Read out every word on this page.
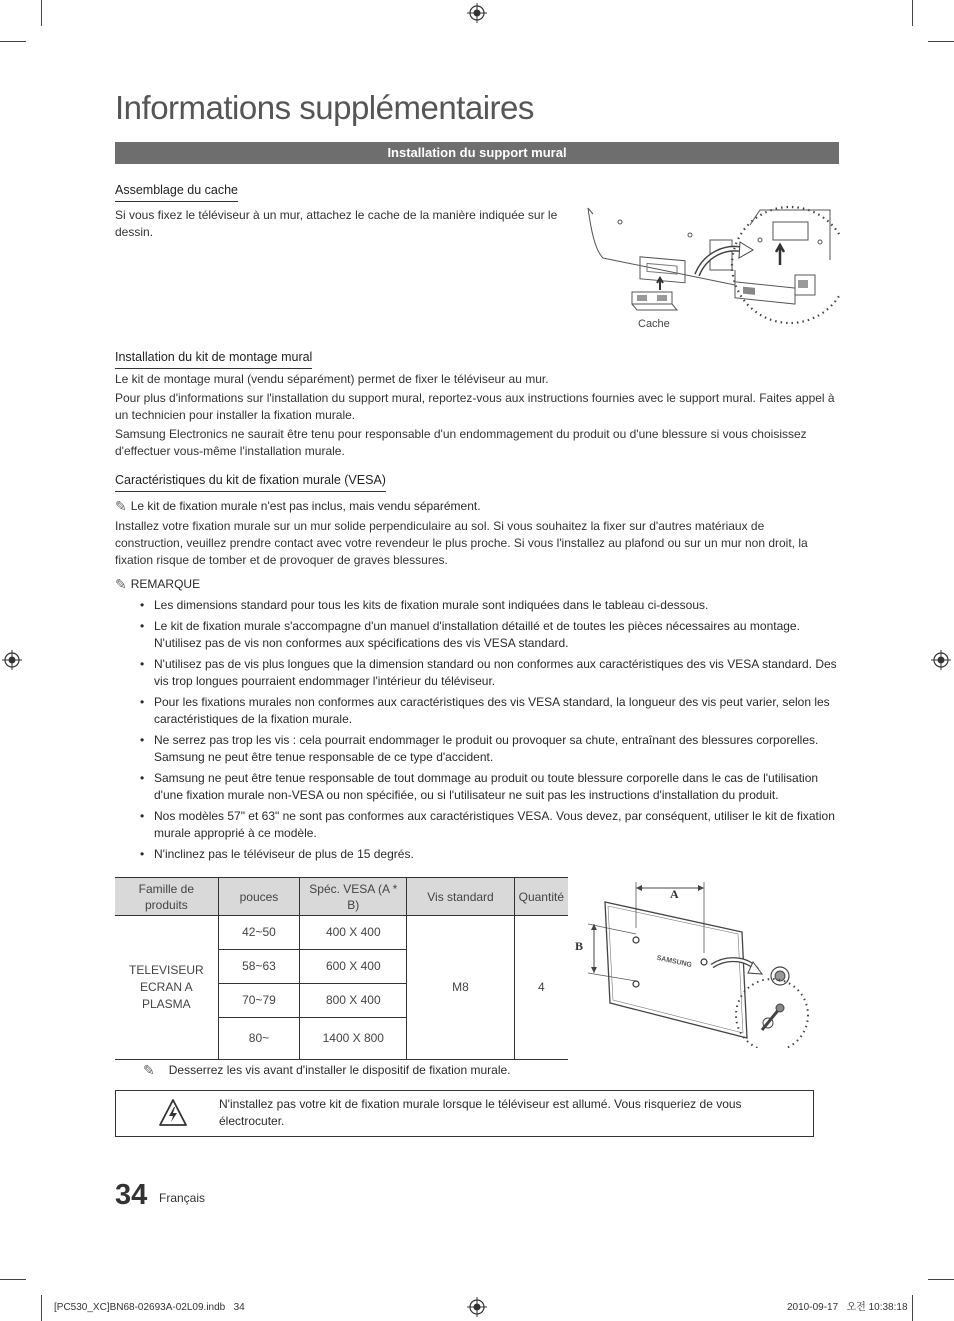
Informations supplémentaires
Installation du support mural
Assemblage du cache
Si vous fixez le téléviseur à un mur, attachez le cache de la manière indiquée sur le dessin.
Cache
Installation du kit de montage mural
Le kit de montage mural (vendu séparément) permet de fixer le téléviseur au mur.
Pour plus d'informations sur l'installation du support mural, reportez-vous aux instructions fournies avec le support mural. Faites appel à un technicien pour installer la fixation murale.
Samsung Electronics ne saurait être tenu pour responsable d'un endommagement du produit ou d'une blessure si vous choisissez d'effectuer vous-même l'installation murale.
Caractéristiques du kit de fixation murale (VESA)
✎ Le kit de fixation murale n'est pas inclus, mais vendu séparément.
Installez votre fixation murale sur un mur solide perpendiculaire au sol. Si vous souhaitez la fixer sur d'autres matériaux de construction, veuillez prendre contact avec votre revendeur le plus proche. Si vous l'installez au plafond ou sur un mur non droit, la fixation risque de tomber et de provoquer de graves blessures.
✎ REMARQUE
• Les dimensions standard pour tous les kits de fixation murale sont indiquées dans le tableau ci-dessous.
• Le kit de fixation murale s'accompagne d'un manuel d'installation détaillé et de toutes les pièces nécessaires au montage. N'utilisez pas de vis non conformes aux spécifications des vis VESA standard.
• N'utilisez pas de vis plus longues que la dimension standard ou non conformes aux caractéristiques des vis VESA standard. Des vis trop longues pourraient endommager l'intérieur du téléviseur.
• Pour les fixations murales non conformes aux caractéristiques des vis VESA standard, la longueur des vis peut varier, selon les caractéristiques de la fixation murale.
• Ne serrez pas trop les vis : cela pourrait endommager le produit ou provoquer sa chute, entraînant des blessures corporelles. Samsung ne peut être tenue responsable de ce type d'accident.
• Samsung ne peut être tenue responsable de tout dommage au produit ou toute blessure corporelle dans le cas de l'utilisation d'une fixation murale non-VESA ou non spécifiée, ou si l'utilisateur ne suit pas les instructions d'installation du produit.
• Nos modèles 57" et 63" ne sont pas conformes aux caractéristiques VESA. Vous devez, par conséquent, utiliser le kit de fixation murale approprié à ce modèle.
• N'inclinez pas le téléviseur de plus de 15 degrés.
Famille de produits	pouces	Spéc. VESA (A * B)	Vis standard	Quantité
TELEVISEUR ECRAN A PLASMA	42~50	400 X 400	M8	4
	58~63	600 X 400		
	70~79	800 X 400		
	80~	1400 X 800		
A
B
SAMSUNG
✎ Desserrez les vis avant d'installer le dispositif de fixation murale.
N'installez pas votre kit de fixation murale lorsque le téléviseur est allumé. Vous risqueriez de vous électrocuter.
34 Français
[PC530_XC]BN68-02693A-02L09.indb   34	2010-09-17   오전 10:38:18
